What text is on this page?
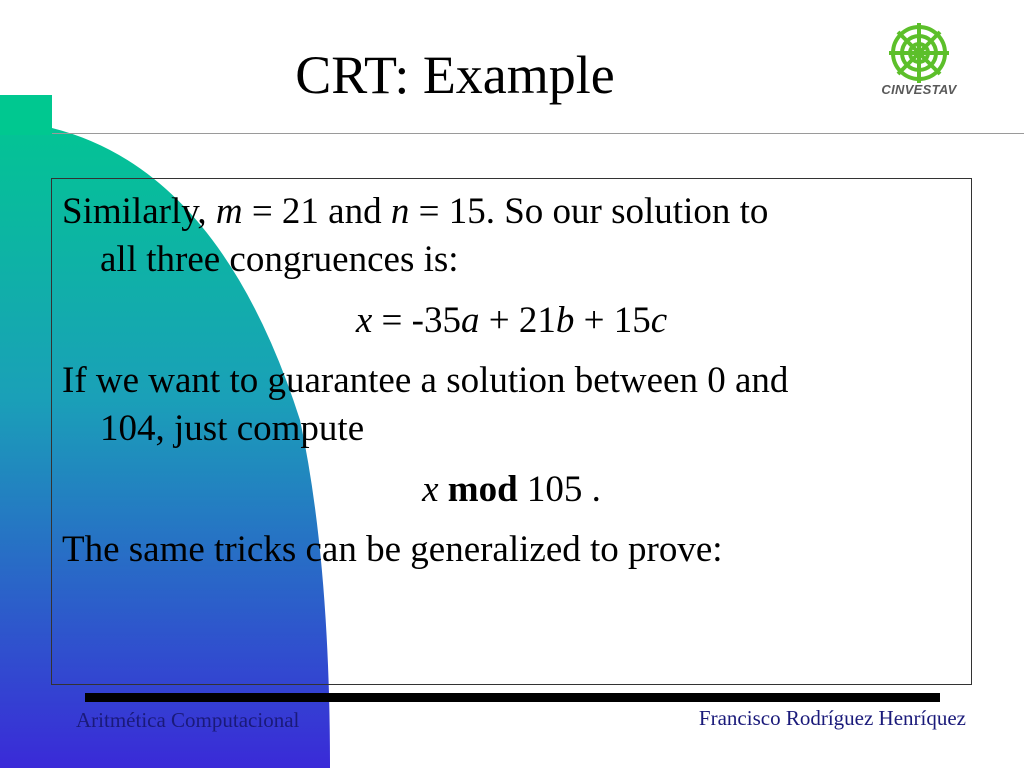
CRT: Example	CINVESTAV
Similarly, m = 21 and n = 15. So our solution to
all three congruences is:
x = -35a + 21b + 15c
If we want to guarantee a solution between 0 and
104, just compute
x mod 105 .
The same tricks can be generalized to prove:
Aritmética Computacional	Francisco Rodríguez Henríquez
